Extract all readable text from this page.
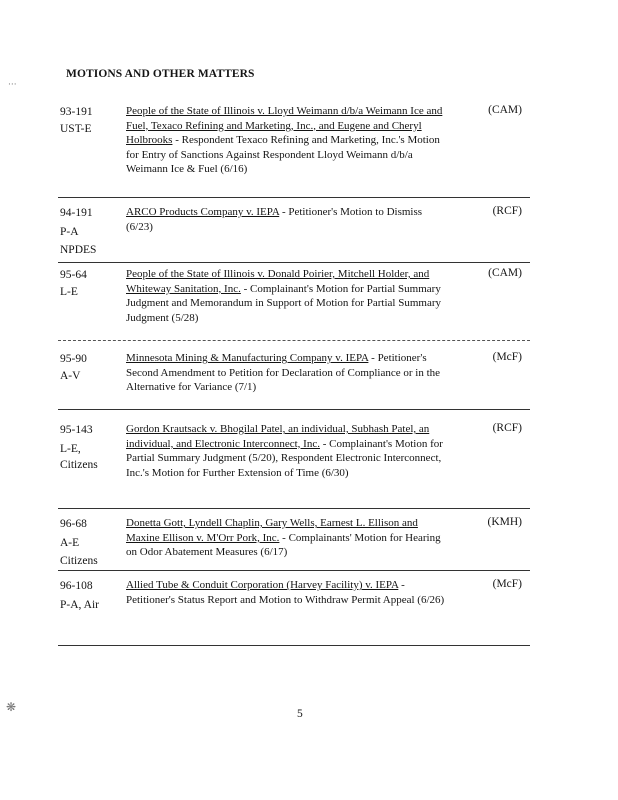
MOTIONS AND OTHER MATTERS
93-191
UST-E
People of the State of Illinois v. Lloyd Weimann d/b/a Weimann Ice and Fuel, Texaco Refining and Marketing, Inc., and Eugene and Cheryl Holbrooks - Respondent Texaco Refining and Marketing, Inc.'s Motion for Entry of Sanctions Against Respondent Lloyd Weimann d/b/a Weimann Ice & Fuel (6/16)
(CAM)
94-191
P-A
NPDES
ARCO Products Company v. IEPA - Petitioner's Motion to Dismiss (6/23)
(RCF)
95-64
L-E
People of the State of Illinois v. Donald Poirier, Mitchell Holder, and Whiteway Sanitation, Inc. - Complainant's Motion for Partial Summary Judgment and Memorandum in Support of Motion for Partial Summary Judgment (5/28)
(CAM)
95-90
A-V
Minnesota Mining & Manufacturing Company v. IEPA - Petitioner's Second Amendment to Petition for Declaration of Compliance or in the Alternative for Variance (7/1)
(McF)
95-143
L-E,
Citizens
Gordon Krautsack v. Bhogilal Patel, an individual, Subhash Patel, an individual, and Electronic Interconnect, Inc. - Complainant's Motion for Partial Summary Judgment (5/20), Respondent Electronic Interconnect, Inc.'s Motion for Further Extension of Time (6/30)
(RCF)
96-68
A-E
Citizens
Donetta Gott, Lyndell Chaplin, Gary Wells, Earnest L. Ellison and Maxine Ellison v. M'Orr Pork, Inc. - Complainants' Motion for Hearing on Odor Abatement Measures (6/17)
(KMH)
96-108
P-A, Air
Allied Tube & Conduit Corporation (Harvey Facility) v. IEPA - Petitioner's Status Report and Motion to Withdraw Permit Appeal (6/26)
(McF)
5
···
❋
